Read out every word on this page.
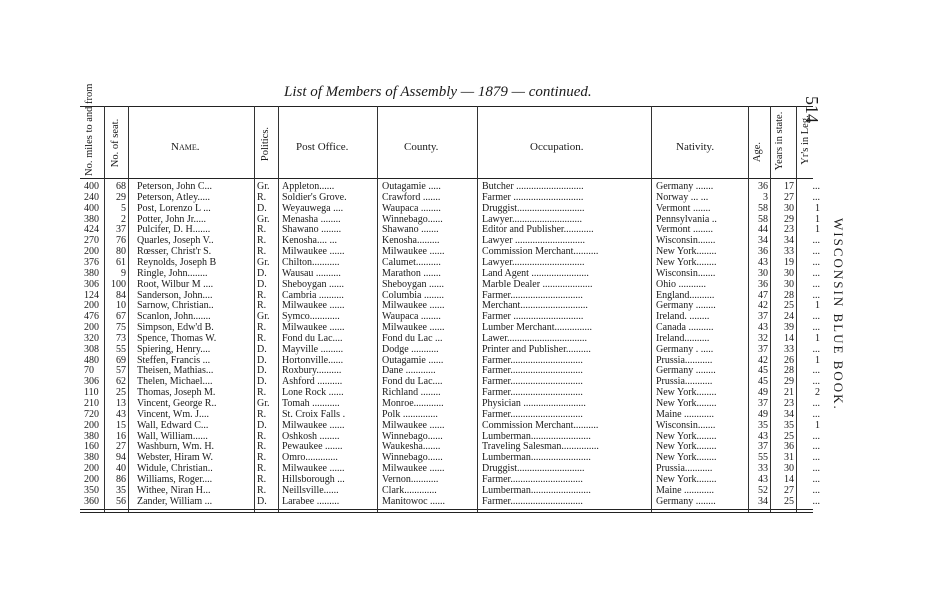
List of Members of Assembly — 1879 — continued.
514
WISCONSIN BLUE BOOK.
No. miles to and from No. of seat.	Name.	Politics. Post Office.	County.	Occupation.	Nativity.	Age. Years in state. Yr's in Leg.
400	68 Peterson, John C...	Gr.	Appleton......	Outagamie .....	Butcher ...........................	Germany .......	36	17	...
240	29 Peterson, Atley.....	R.	Soldier's Grove.	Crawford .......	Farmer ............................	Norway ... ...	3	27	...
400	5 Post, Lorenzo L ...	D.	Weyauwega ....	Waupaca ........	Druggist...........................	Vermont .......	58	30	1
380	2 Potter, John Jr.....	Gr.	Menasha ........	Winnebago......	Lawyer............................	Pennsylvania ..	58	29	1
424	37 Pulcifer, D. H.......	R.	Shawano ........	Shawano .......	Editor and Publisher............	Vermont ........	44	23	1
270	76 Quarles, Joseph V..	R.	Kenosha.... ...	Kenosha.........	Lawyer ............................	Wisconsin.......	34	34	...
200	80 Rœsser, Christ'r S.	R.	Milwaukee ......	Milwaukee ......	Commission Merchant..........	New York........	36	33	...
376	61 Reynolds, Joseph B	Gr.	Chilton...........	Calumet..........	Lawyer.............................	New York........	43	19	...
380	9 Ringle, John........	D.	Wausau ..........	Marathon .......	Land Agent .......................	Wisconsin.......	30	30	...
306	100 Root, Wilbur M ....	D.	Sheboygan ......	Sheboygan ......	Marble Dealer ....................	Ohio ...........	36	30	...
124	84 Sanderson, John....	R.	Cambria ..........	Columbia ........	Farmer.............................	England..........	47	28	...
200	10 Sarnow, Christian..	R.	Milwaukee ......	Milwaukee ......	Merchant...........................	Germany ........	42	25	1
476	67 Scanlon, John.......	Gr.	Symco............	Waupaca ........	Farmer ............................	Ireland. ........	37	24	...
200	75 Simpson, Edw'd B.	R.	Milwaukee ......	Milwaukee ......	Lumber Merchant...............	Canada ..........	43	39	...
320	73 Spence, Thomas W.	R.	Fond du Lac....	Fond du Lac ...	Lawer................................	Ireland..........	32	14	1
308	55 Spiering, Henry....	D.	Mayville .........	Dodge ...........	Printer and Publisher..........	Germany . .....	37	33	...
480	69 Steffen, Francis ...	D.	Hortonville......	Outagamie ......	Farmer.............................	Prussia...........	42	26	1
70	57 Theisen, Mathias...	D.	Roxbury..........	Dane ............	Farmer.............................	Germany ........	45	28	...
306	62 Thelen, Michael....	D.	Ashford ..........	Fond du Lac....	Farmer.............................	Prussia...........	45	29	...
110	25 Thomas, Joseph M.	R.	Lone Rock ......	Richland ........	Farmer.............................	New York........	49	21	2
210	13 Vincent, George R..	Gr.	Tomah ...........	Monroe............	Physician .........................	New York........	37	23	...
720	43 Vincent, Wm. J....	R.	St. Croix Falls .	Polk ..............	Farmer.............................	Maine ............	49	34	...
200	15 Wall, Edward C...	D.	Milwaukee ......	Milwaukee ......	Commission Merchant..........	Wisconsin.......	35	35	1
380	16 Wall, William......	R.	Oshkosh ........	Winnebago......	Lumberman........................	New York........	43	25	...
160	27 Washburn, Wm. H.	R.	Pewaukee .......	Waukesha.......	Traveling Salesman...............	New York........	37	36	...
380	94 Webster, Hiram W.	R.	Omro.............	Winnebago......	Lumberman........................	New York........	55	31	...
200	40 Widule, Christian..	R.	Milwaukee ......	Milwaukee ......	Druggist...........................	Prussia...........	33	30	...
200	86 Williams, Roger....	R.	Hillsborough ...	Vernon...........	Farmer.............................	New York........	43	14	...
350	35 Withee, Niran H...	R.	Neillsville......	Clark.............	Lumberman........................	Maine ............	52	27	...
360	56 Zander, William ...	D.	Larabee .........	Manitowoc ......	Farmer.............................	Germany ........	34	25	...
